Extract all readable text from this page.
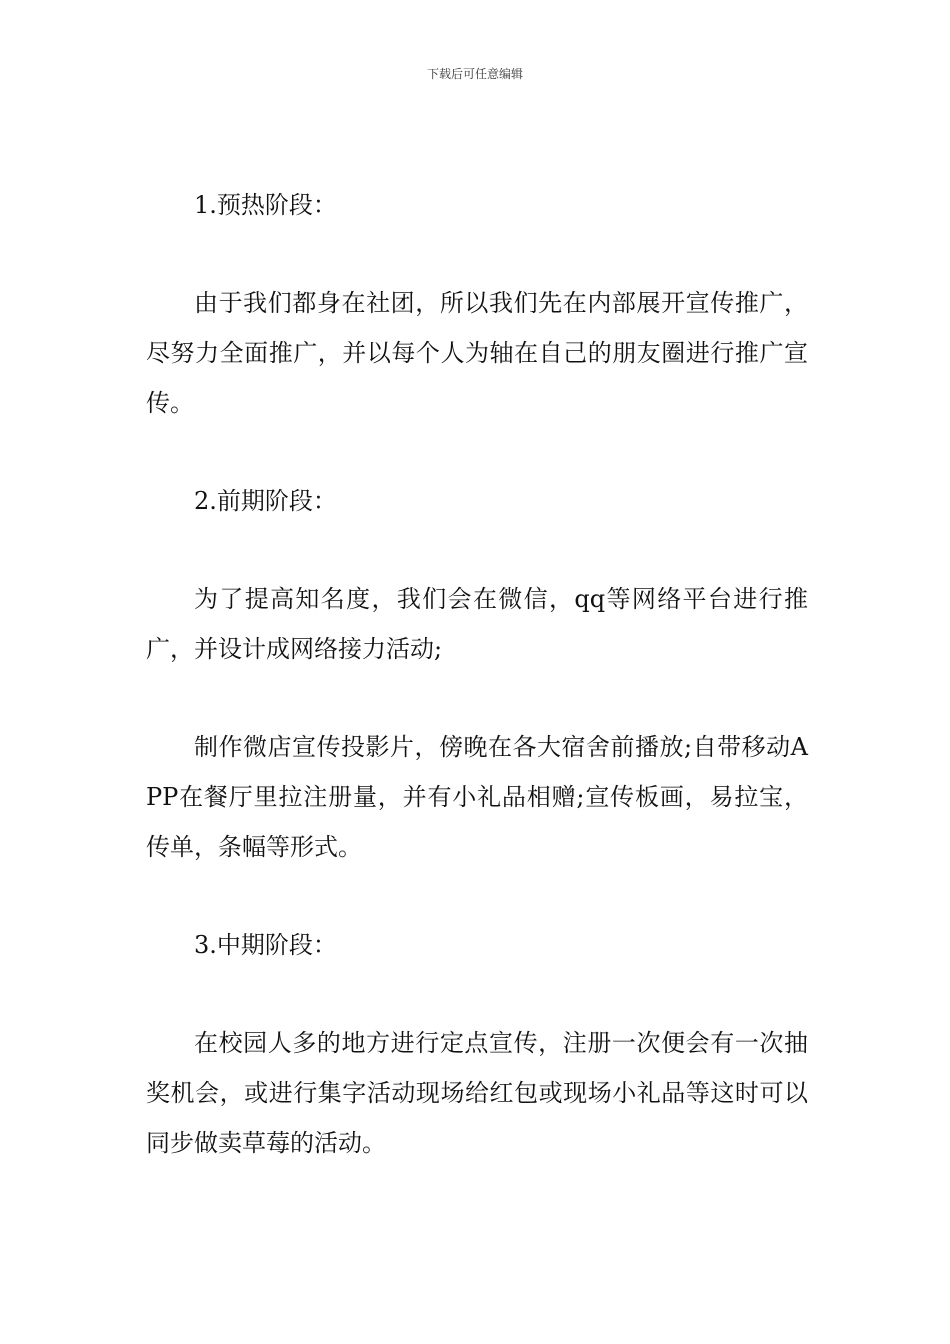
下载后可任意编辑

1.预热阶段：

由于我们都身在社团，所以我们先在内部展开宣传推广，尽努力全面推广，并以每个人为轴在自己的朋友圈进行推广宣传。

2.前期阶段：

为了提高知名度，我们会在微信，qq等网络平台进行推广，并设计成网络接力活动;

制作微店宣传投影片，傍晚在各大宿舍前播放;自带移动APP在餐厅里拉注册量，并有小礼品相赠;宣传板画，易拉宝，传单，条幅等形式。

3.中期阶段：

在校园人多的地方进行定点宣传，注册一次便会有一次抽奖机会，或进行集字活动现场给红包或现场小礼品等这时可以同步做卖草莓的活动。
